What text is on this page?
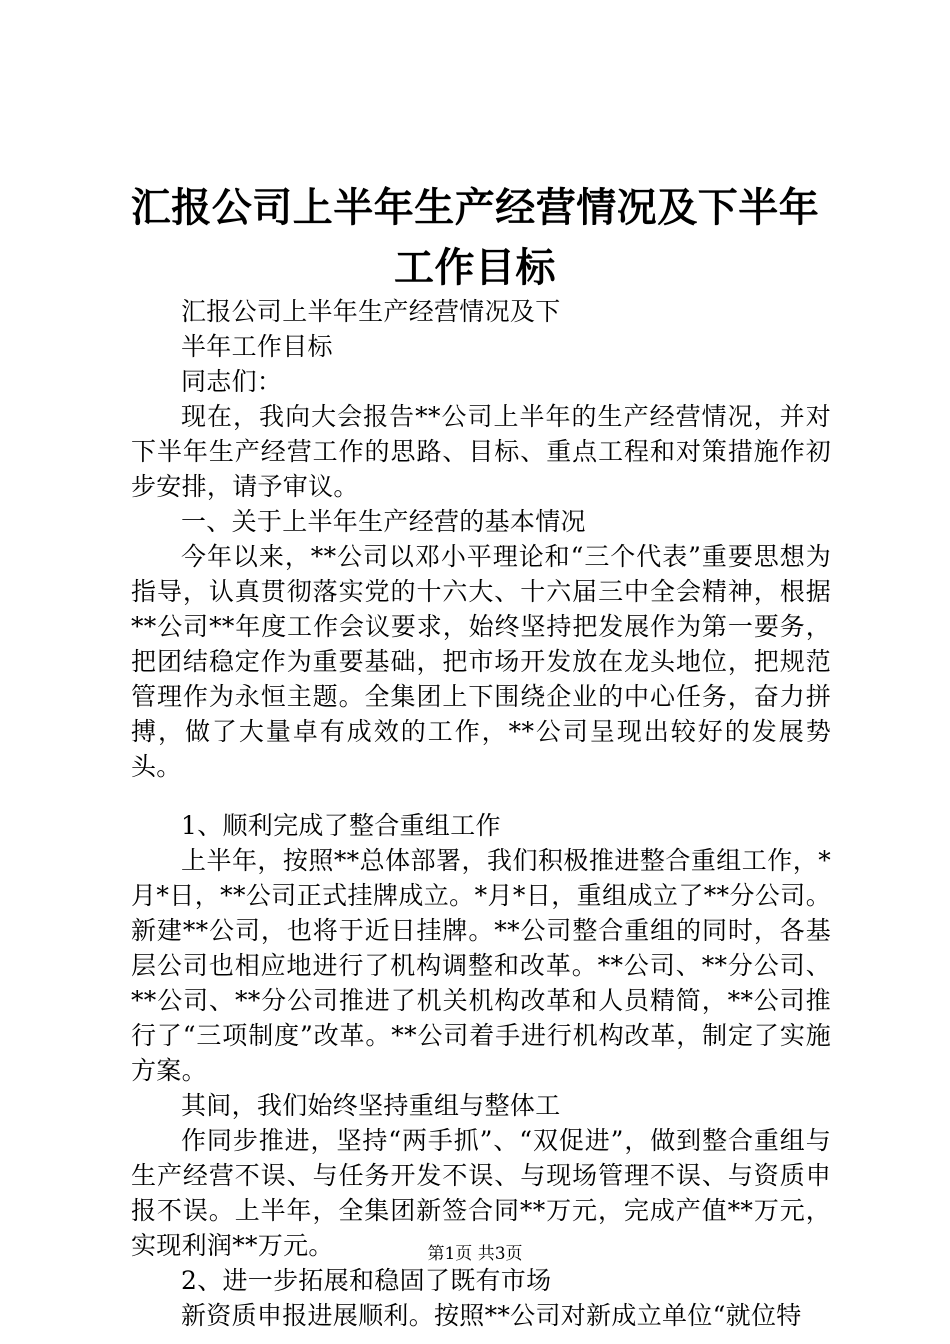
汇报公司上半年生产经营情况及下半年工作目标

汇报公司上半年生产经营情况及下

半年工作目标

同志们：

现在，我向大会报告**公司上半年的生产经营情况，并对下半年生产经营工作的思路、目标、重点工程和对策措施作初步安排，请予审议。

一、关于上半年生产经营的基本情况

今年以来，**公司以邓小平理论和“三个代表”重要思想为指导，认真贯彻落实党的十六大、十六届三中全会精神，根据**公司**年度工作会议要求，始终坚持把发展作为第一要务，把团结稳定作为重要基础，把市场开发放在龙头地位，把规范管理作为永恒主题。全集团上下围绕企业的中心任务，奋力拼搏，做了大量卓有成效的工作，**公司呈现出较好的发展势头。

1、顺利完成了整合重组工作

上半年，按照**总体部署，我们积极推进整合重组工作，*月*日，**公司正式挂牌成立。*月*日，重组成立了**分公司。新建**公司，也将于近日挂牌。**公司整合重组的同时，各基层公司也相应地进行了机构调整和改革。**公司、**分公司、**公司、**分公司推进了机关机构改革和人员精简，**公司推行了“三项制度”改革。**公司着手进行机构改革，制定了实施方案。

其间，我们始终坚持重组与整体工

作同步推进，坚持“两手抓”、“双促进”，做到整合重组与生产经营不误、与任务开发不误、与现场管理不误、与资质申报不误。上半年，全集团新签合同**万元，完成产值**万元，实现利润**万元。

2、进一步拓展和稳固了既有市场

新资质申报进展顺利。按照**公司对新成立单位“就位特

第1页 共3页
